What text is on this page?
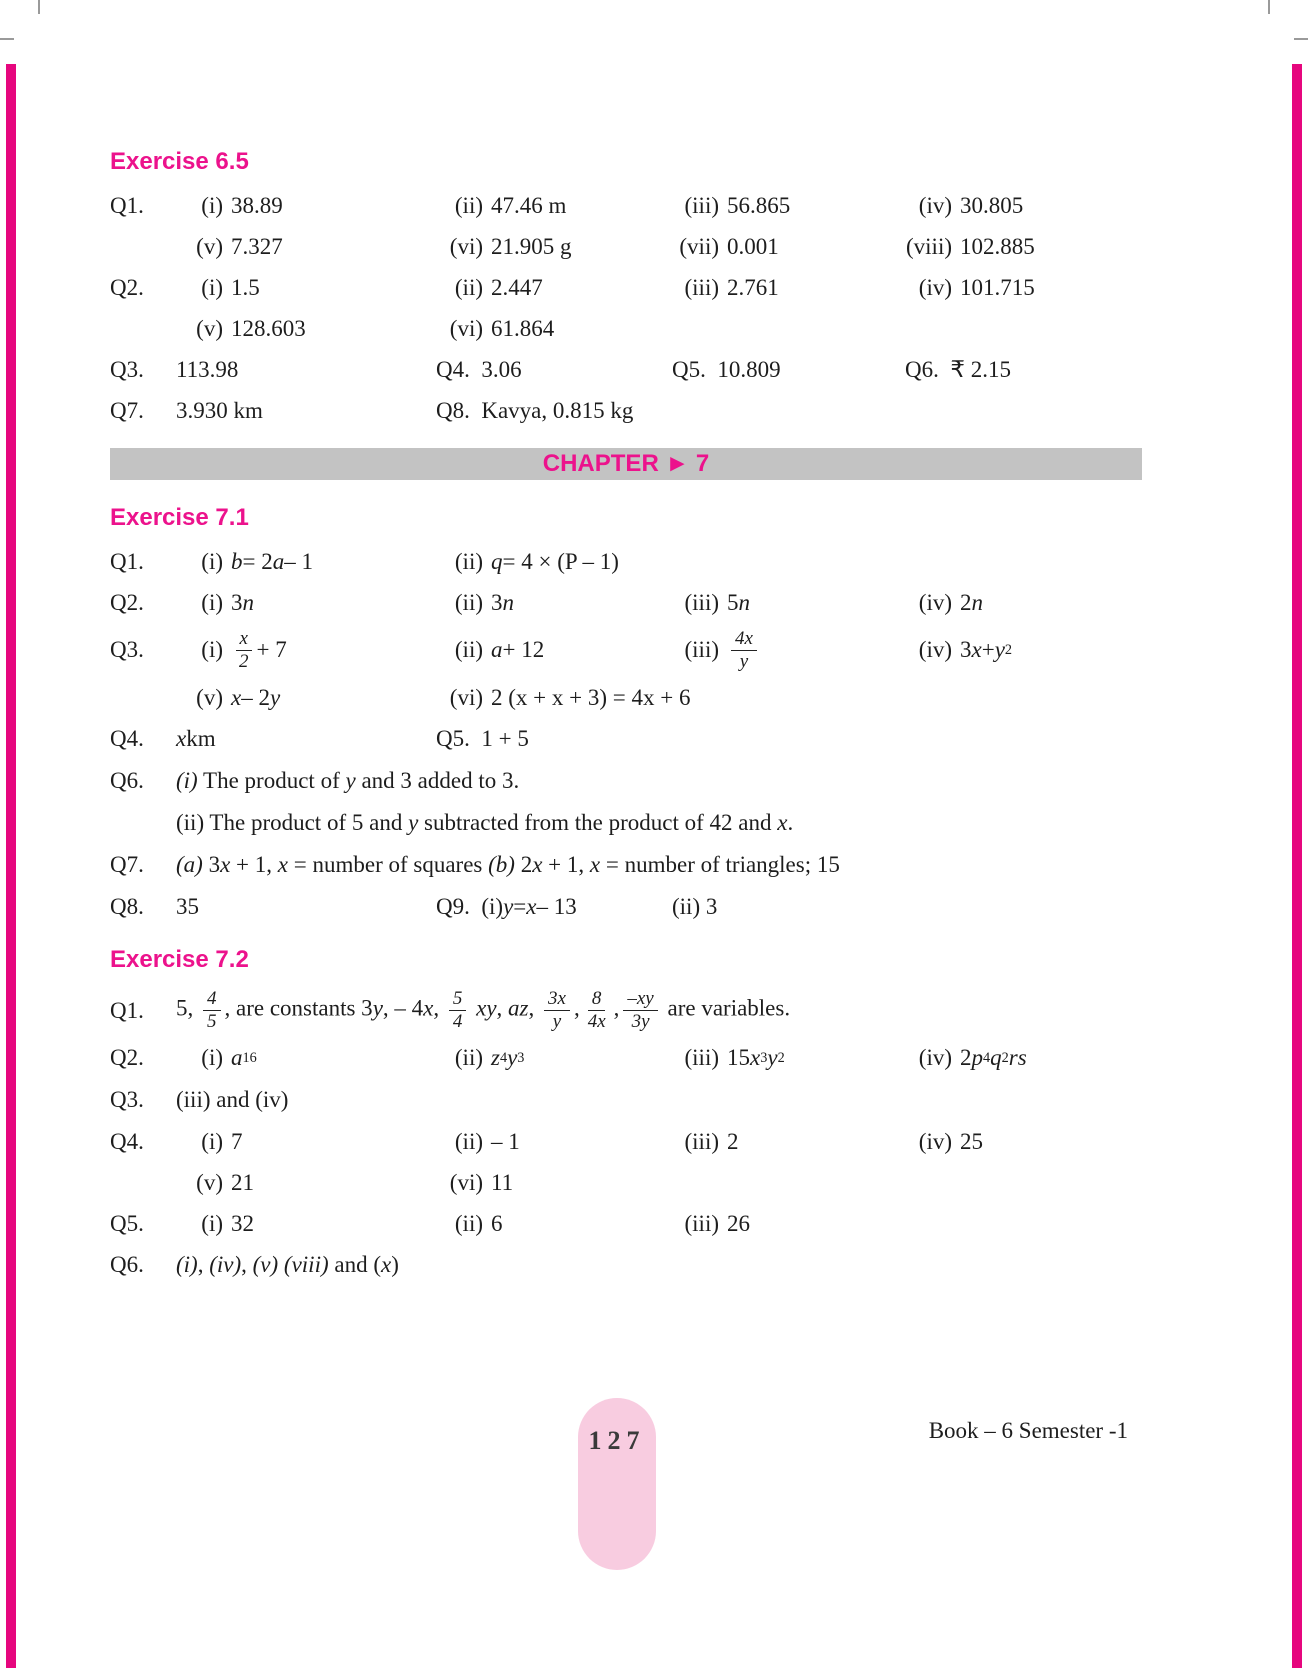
Exercise 6.5
Q1.	(i) 38.89	(ii) 47.46 m	(iii) 56.865	(iv) 30.805
(v) 7.327	(vi) 21.905 g	(vii) 0.001	(viii) 102.885
Q2.	(i) 1.5	(ii) 2.447	(iii) 2.761	(iv) 101.715
(v) 128.603	(vi) 61.864
Q3.	113.98	Q4.  3.06	Q5.  10.809	Q6.  ₹ 2.15
Q7.	3.930 km	Q8.  Kavya, 0.815 kg
CHAPTER ► 7
Exercise 7.1
Q1.	(i) b = 2 a – 1	(ii) q = 4 × (P – 1)
Q2.	(i) 3 n	(ii) 3 n	(iii) 5 n	(iv) 2 n
Q3.	$(i) \frac{x}{2} + 7$	(ii) a + 12	$(iii) \frac{4x}{y}$	(iv) 3 x + y 2
(v) x – 2 y	(vi) 2 (x + x + 3) = 4x + 6
Q4.	x km	Q5.  1 + 5
Q6.	(i) The product of y and 3 added to 3.
(ii) The product of 5 and y subtracted from the product of 42 and x.
Q7.	(a) 3x + 1, x = number of squares (b) 2x + 1, x = number of triangles; 15
Q8.	35	Q9.  (i) y = x – 13	(ii) 3
Exercise 7.2
Q1.	5, $\frac{4}{5}$ , are constants 3y, – 4x, $\frac{5}{4}$ xy, az, $\frac{3x}{y}$ , $\frac{8}{4x}$ , $\frac{-xy}{3y}$ are variables.
Q2.	(i) a 16	(ii) z 4 y 3	(iii) 15 x 3 y 2	(iv) 2 p 4 q 2 rs
Q3.	(iii) and (iv)
Q4.	(i) 7	(ii) – 1	(iii) 2	(iv) 25
(v) 21	(vi) 11
Q5.	(i) 32	(ii) 6	(iii) 26
Q6.	(i), (iv), (v) (viii) and (x)
127	Book – 6 Semester -1
